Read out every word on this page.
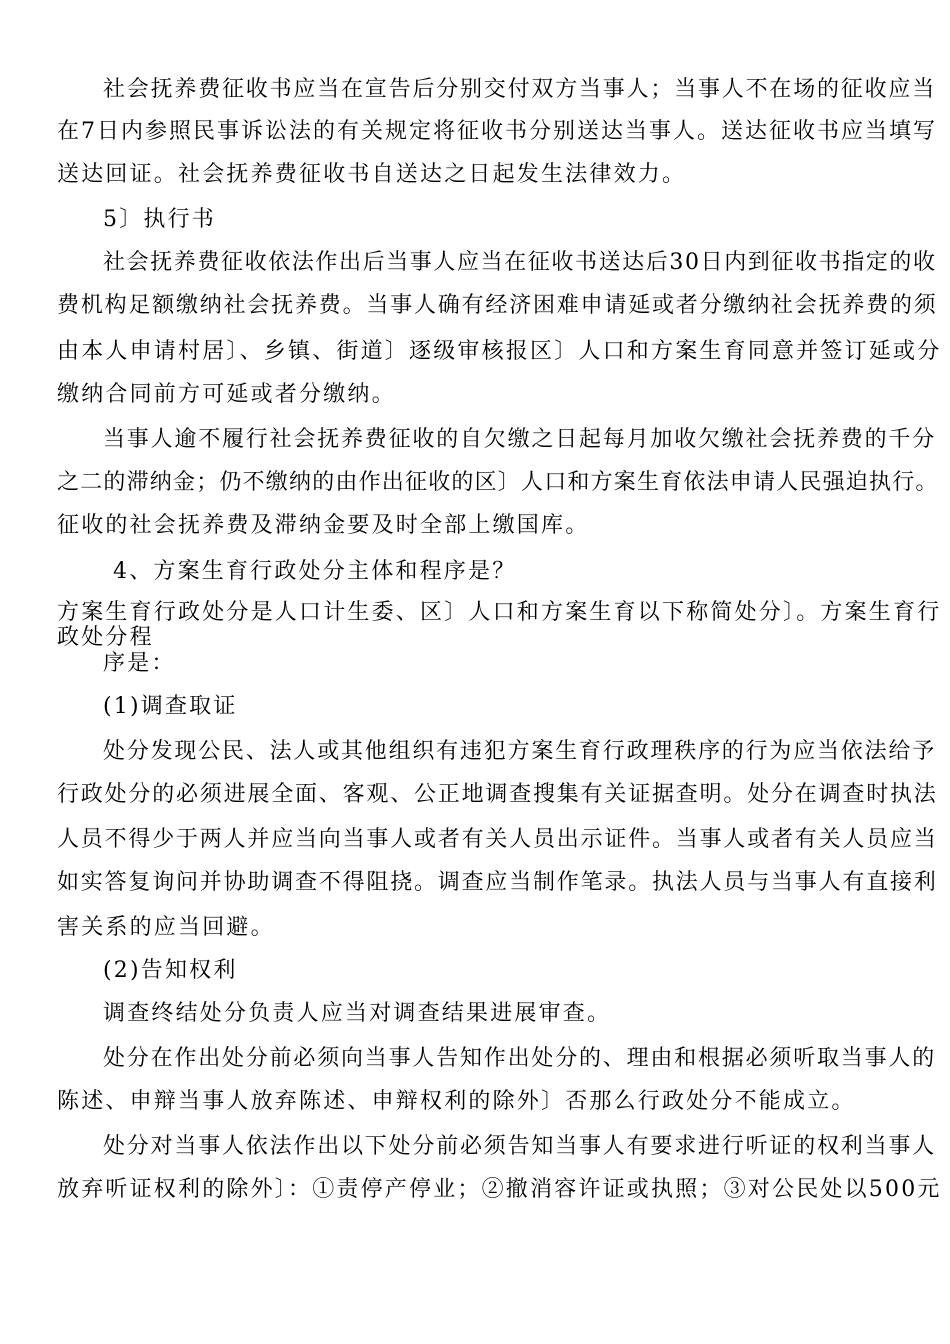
社会抚养费征收书应当在宣告后分别交付双方当事人；当事人不在场的征收应当
在7日内参照民事诉讼法的有关规定将征收书分别送达当事人。送达征收书应当填写
送达回证。社会抚养费征收书自送达之日起发生法律效力。
5〕执行书
社会抚养费征收依法作出后当事人应当在征收书送达后30日内到征收书指定的收
费机构足额缴纳社会抚养费。当事人确有经济困难申请延或者分缴纳社会抚养费的须
由本人申请村居〕、乡镇、街道〕逐级审核报区〕人口和方案生育同意并签订延或分
缴纳合同前方可延或者分缴纳。
当事人逾不履行社会抚养费征收的自欠缴之日起每月加收欠缴社会抚养费的千分
之二的滞纳金；仍不缴纳的由作出征收的区〕人口和方案生育依法申请人民强迫执行。
征收的社会抚养费及滞纳金要及时全部上缴国库。
4、方案生育行政处分主体和程序是？
方案生育行政处分是人口计生委、区〕人口和方案生育以下称简处分〕。方案生育行
政处分程
序是：
(1)调查取证
处分发现公民、法人或其他组织有违犯方案生育行政理秩序的行为应当依法给予
行政处分的必须进展全面、客观、公正地调查搜集有关证据查明。处分在调查时执法
人员不得少于两人并应当向当事人或者有关人员出示证件。当事人或者有关人员应当
如实答复询问并协助调查不得阻挠。调查应当制作笔录。执法人员与当事人有直接利
害关系的应当回避。
(2)告知权利
调查终结处分负责人应当对调查结果进展审查。
处分在作出处分前必须向当事人告知作出处分的、理由和根据必须听取当事人的
陈述、申辩当事人放弃陈述、申辩权利的除外〕否那么行政处分不能成立。
处分对当事人依法作出以下处分前必须告知当事人有要求进行听证的权利当事人
放弃听证权利的除外〕：①责停产停业；②撤消容许证或执照；③对公民处以500元
